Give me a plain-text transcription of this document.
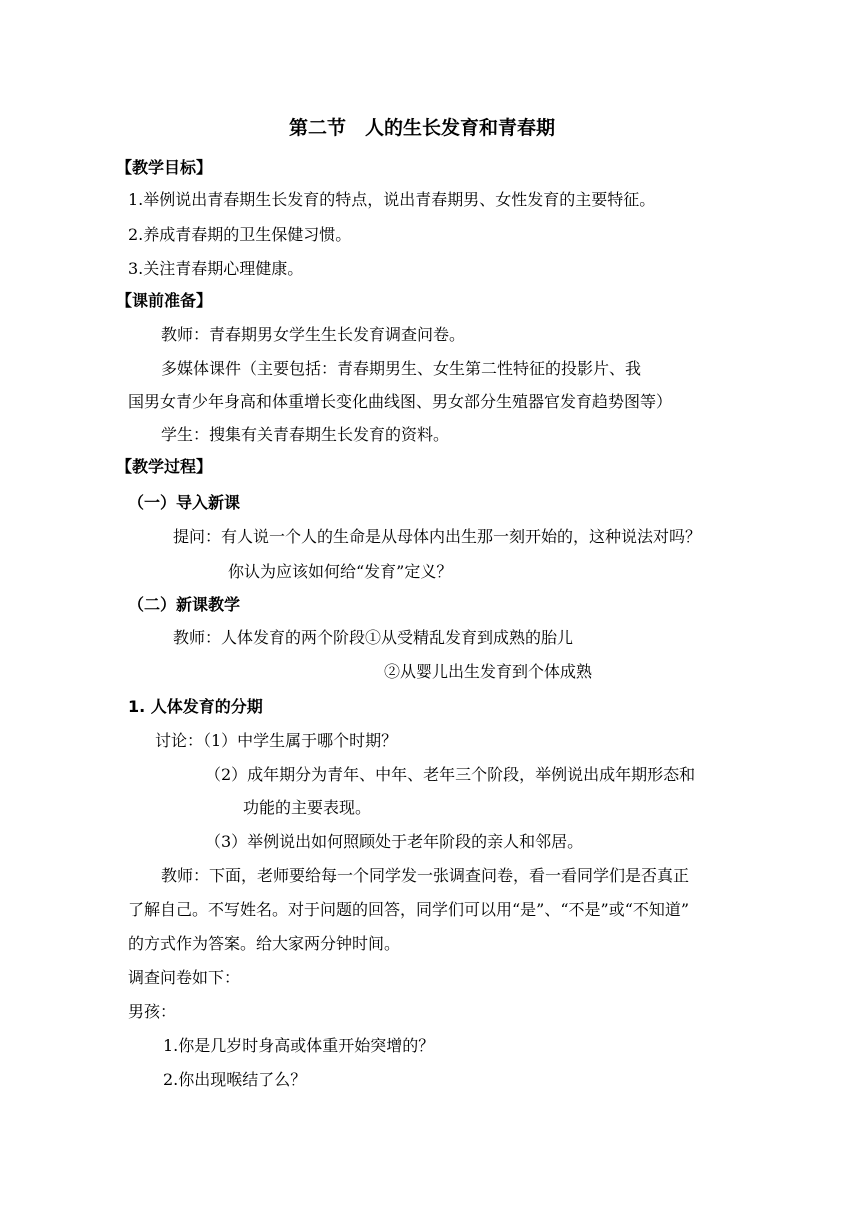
第二节　人的生长发育和青春期
【教学目标】
1.举例说出青春期生长发育的特点，说出青春期男、女性发育的主要特征。
2.养成青春期的卫生保健习惯。
3.关注青春期心理健康。
【课前准备】
教师：青春期男女学生生长发育调查问卷。
多媒体课件（主要包括：青春期男生、女生第二性特征的投影片、我
国男女青少年身高和体重增长变化曲线图、男女部分生殖器官发育趋势图等）
学生：搜集有关青春期生长发育的资料。
【教学过程】
（一）导入新课
提问：有人说一个人的生命是从母体内出生那一刻开始的，这种说法对吗？
你认为应该如何给“发育”定义？
（二）新课教学
教师：人体发育的两个阶段①从受精乱发育到成熟的胎儿
②从婴儿出生发育到个体成熟
1. 人体发育的分期
讨论：（1）中学生属于哪个时期？
（2）成年期分为青年、中年、老年三个阶段，举例说出成年期形态和
功能的主要表现。
（3）举例说出如何照顾处于老年阶段的亲人和邻居。
教师：下面，老师要给每一个同学发一张调查问卷，看一看同学们是否真正
了解自己。不写姓名。对于问题的回答，同学们可以用“是”、“不是”或“不知道”
的方式作为答案。给大家两分钟时间。
调查问卷如下：
男孩：
1.你是几岁时身高或体重开始突增的？
2.你出现喉结了么？
